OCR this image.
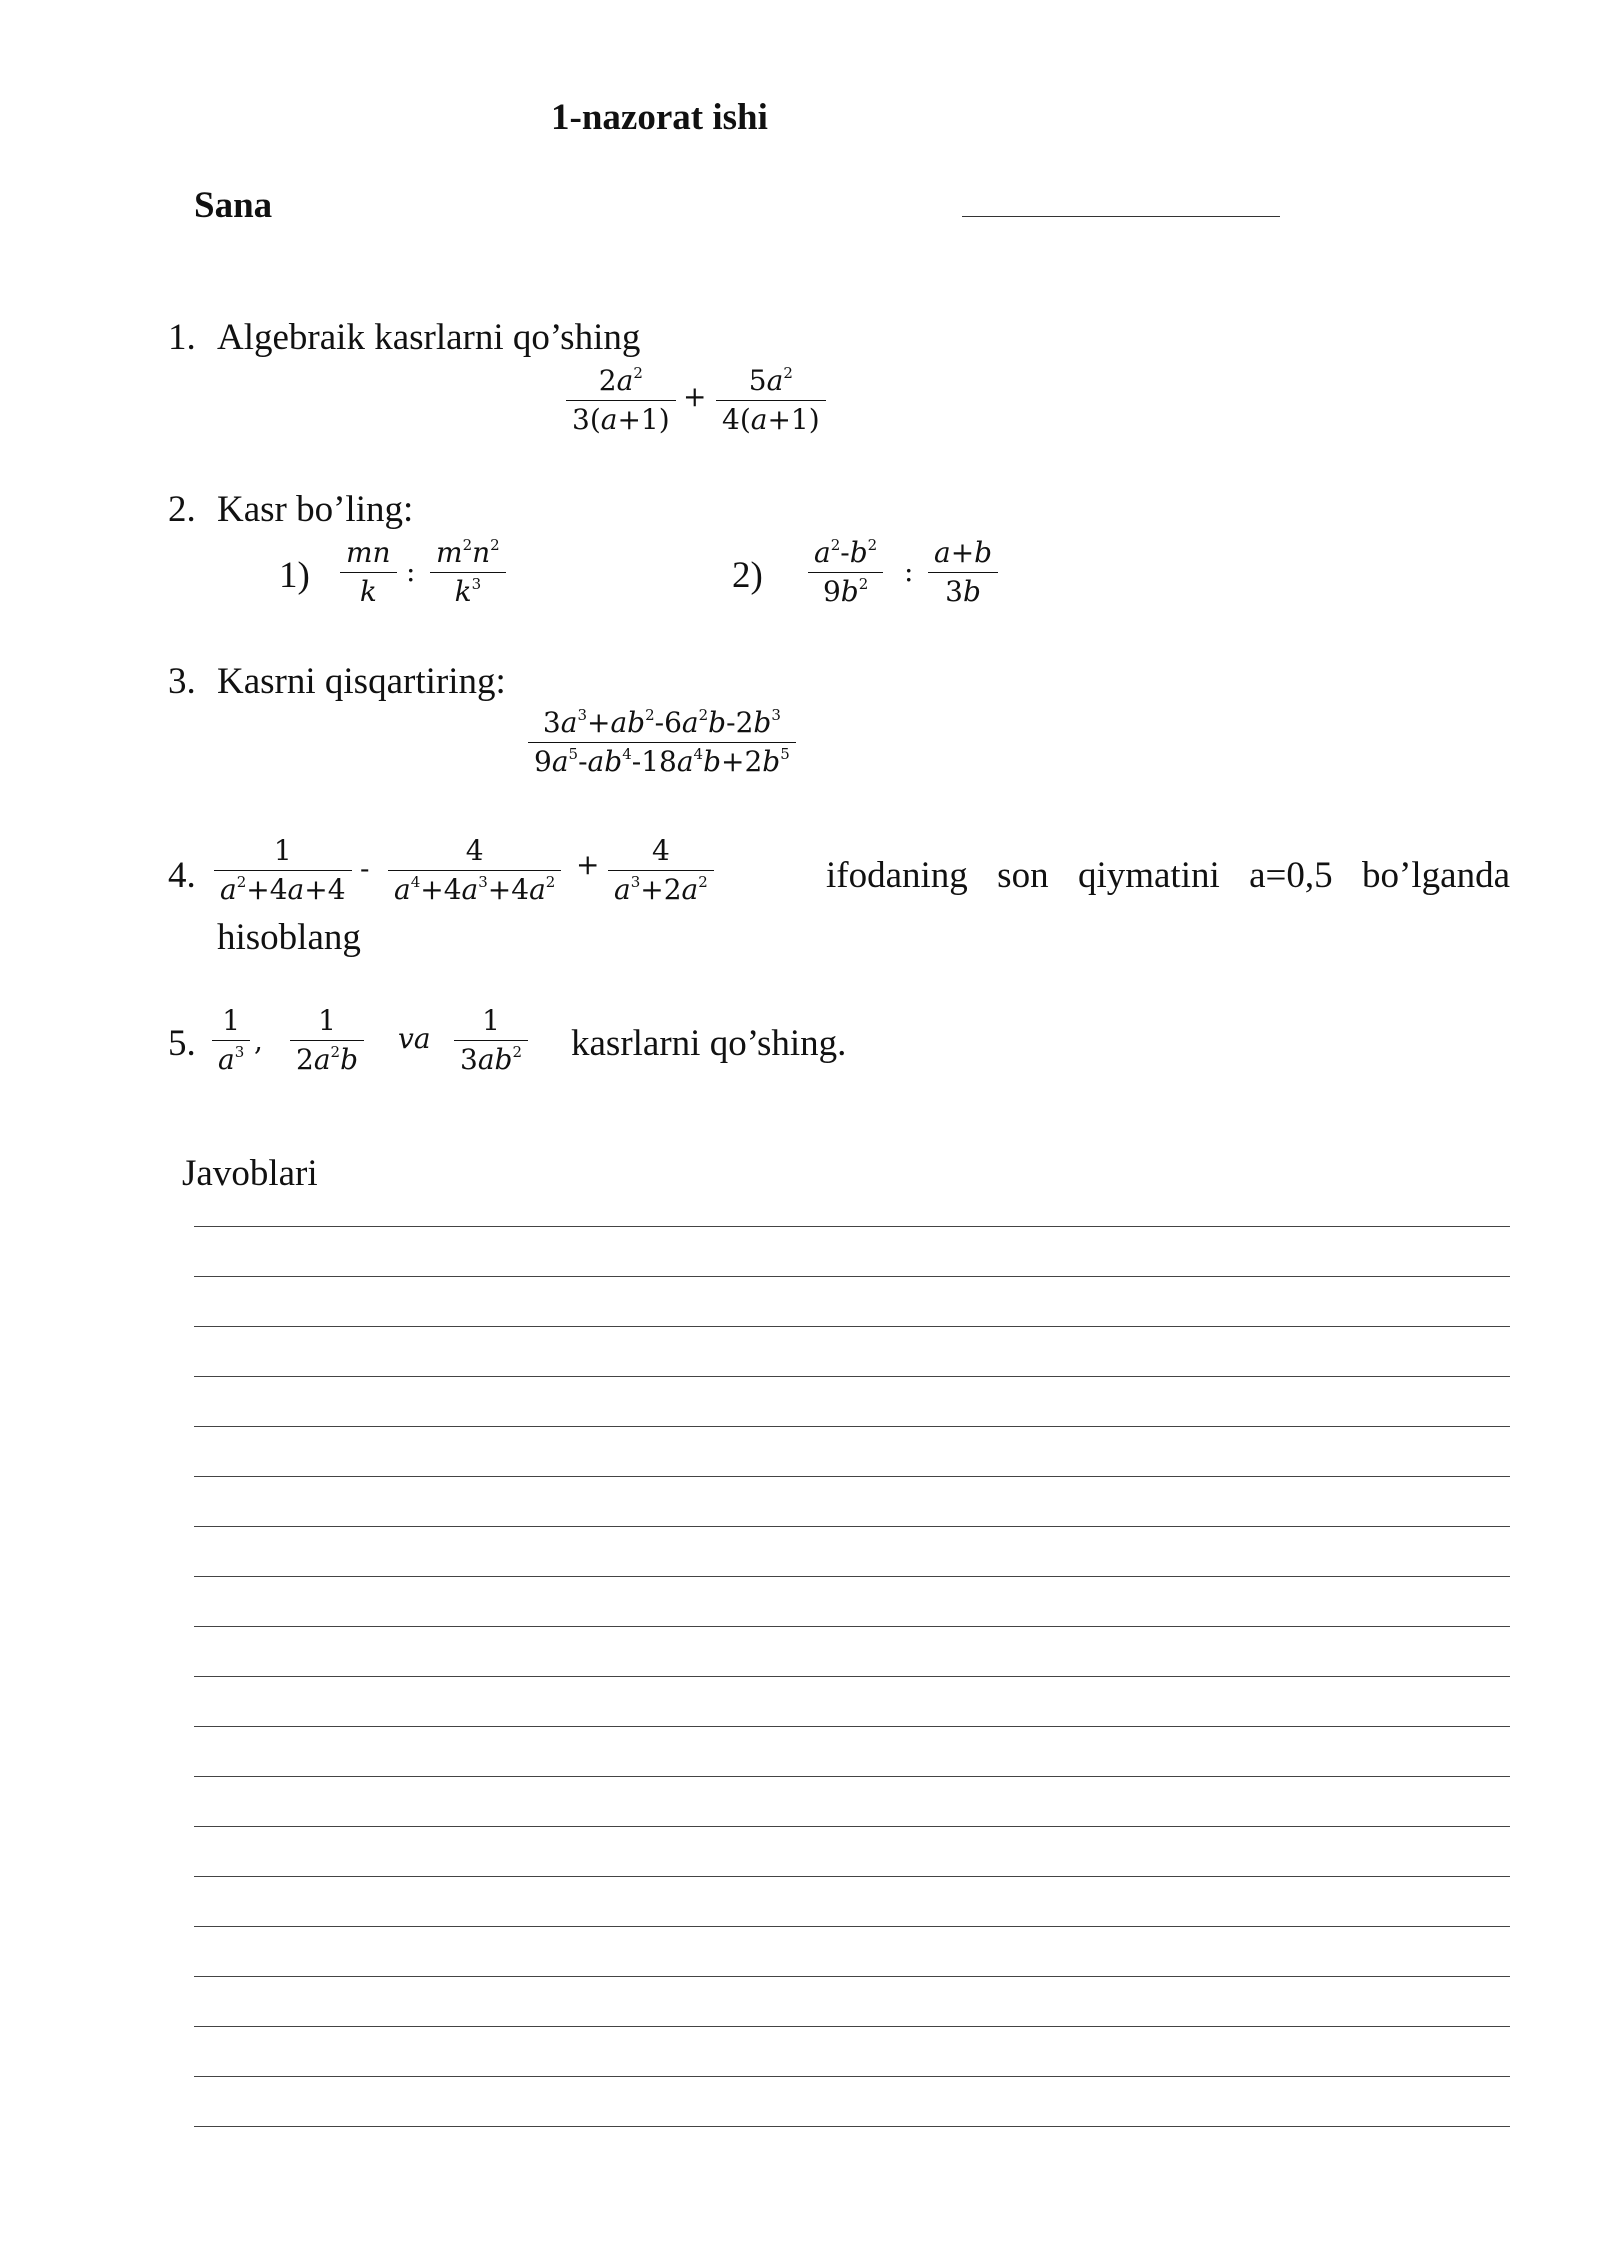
1-nazorat ishi
Sana
1. Algebraik kasrlarni qo’shing
$2a^2$
3(a+1)
+ $5a^2$
4(a+1)
2. Kasr bo’ling:
1)
mn
k
:
$m^2n^2$
$k^3$	2)
$a^2-b^2$
$9b^2$ :
a+b
3b
3. Kasrni qisqartiring:
$3a^3+ab^2-6a^2b-2b^3$
$9a^5-ab^4-18a^4b+2b^5$
4.
1
$a^2+4a+4$
-
4
$a^4+4a^3+4a^2$
+ 4
$a^3+2a^2$	ifodaning son qiymatini a=0,5 bo’lganda
hisoblang
5.
1
$a^3$ ,
1
$2a^2b$
va
1
$3ab^2$ kasrlarni qo’shing.
Javoblari
